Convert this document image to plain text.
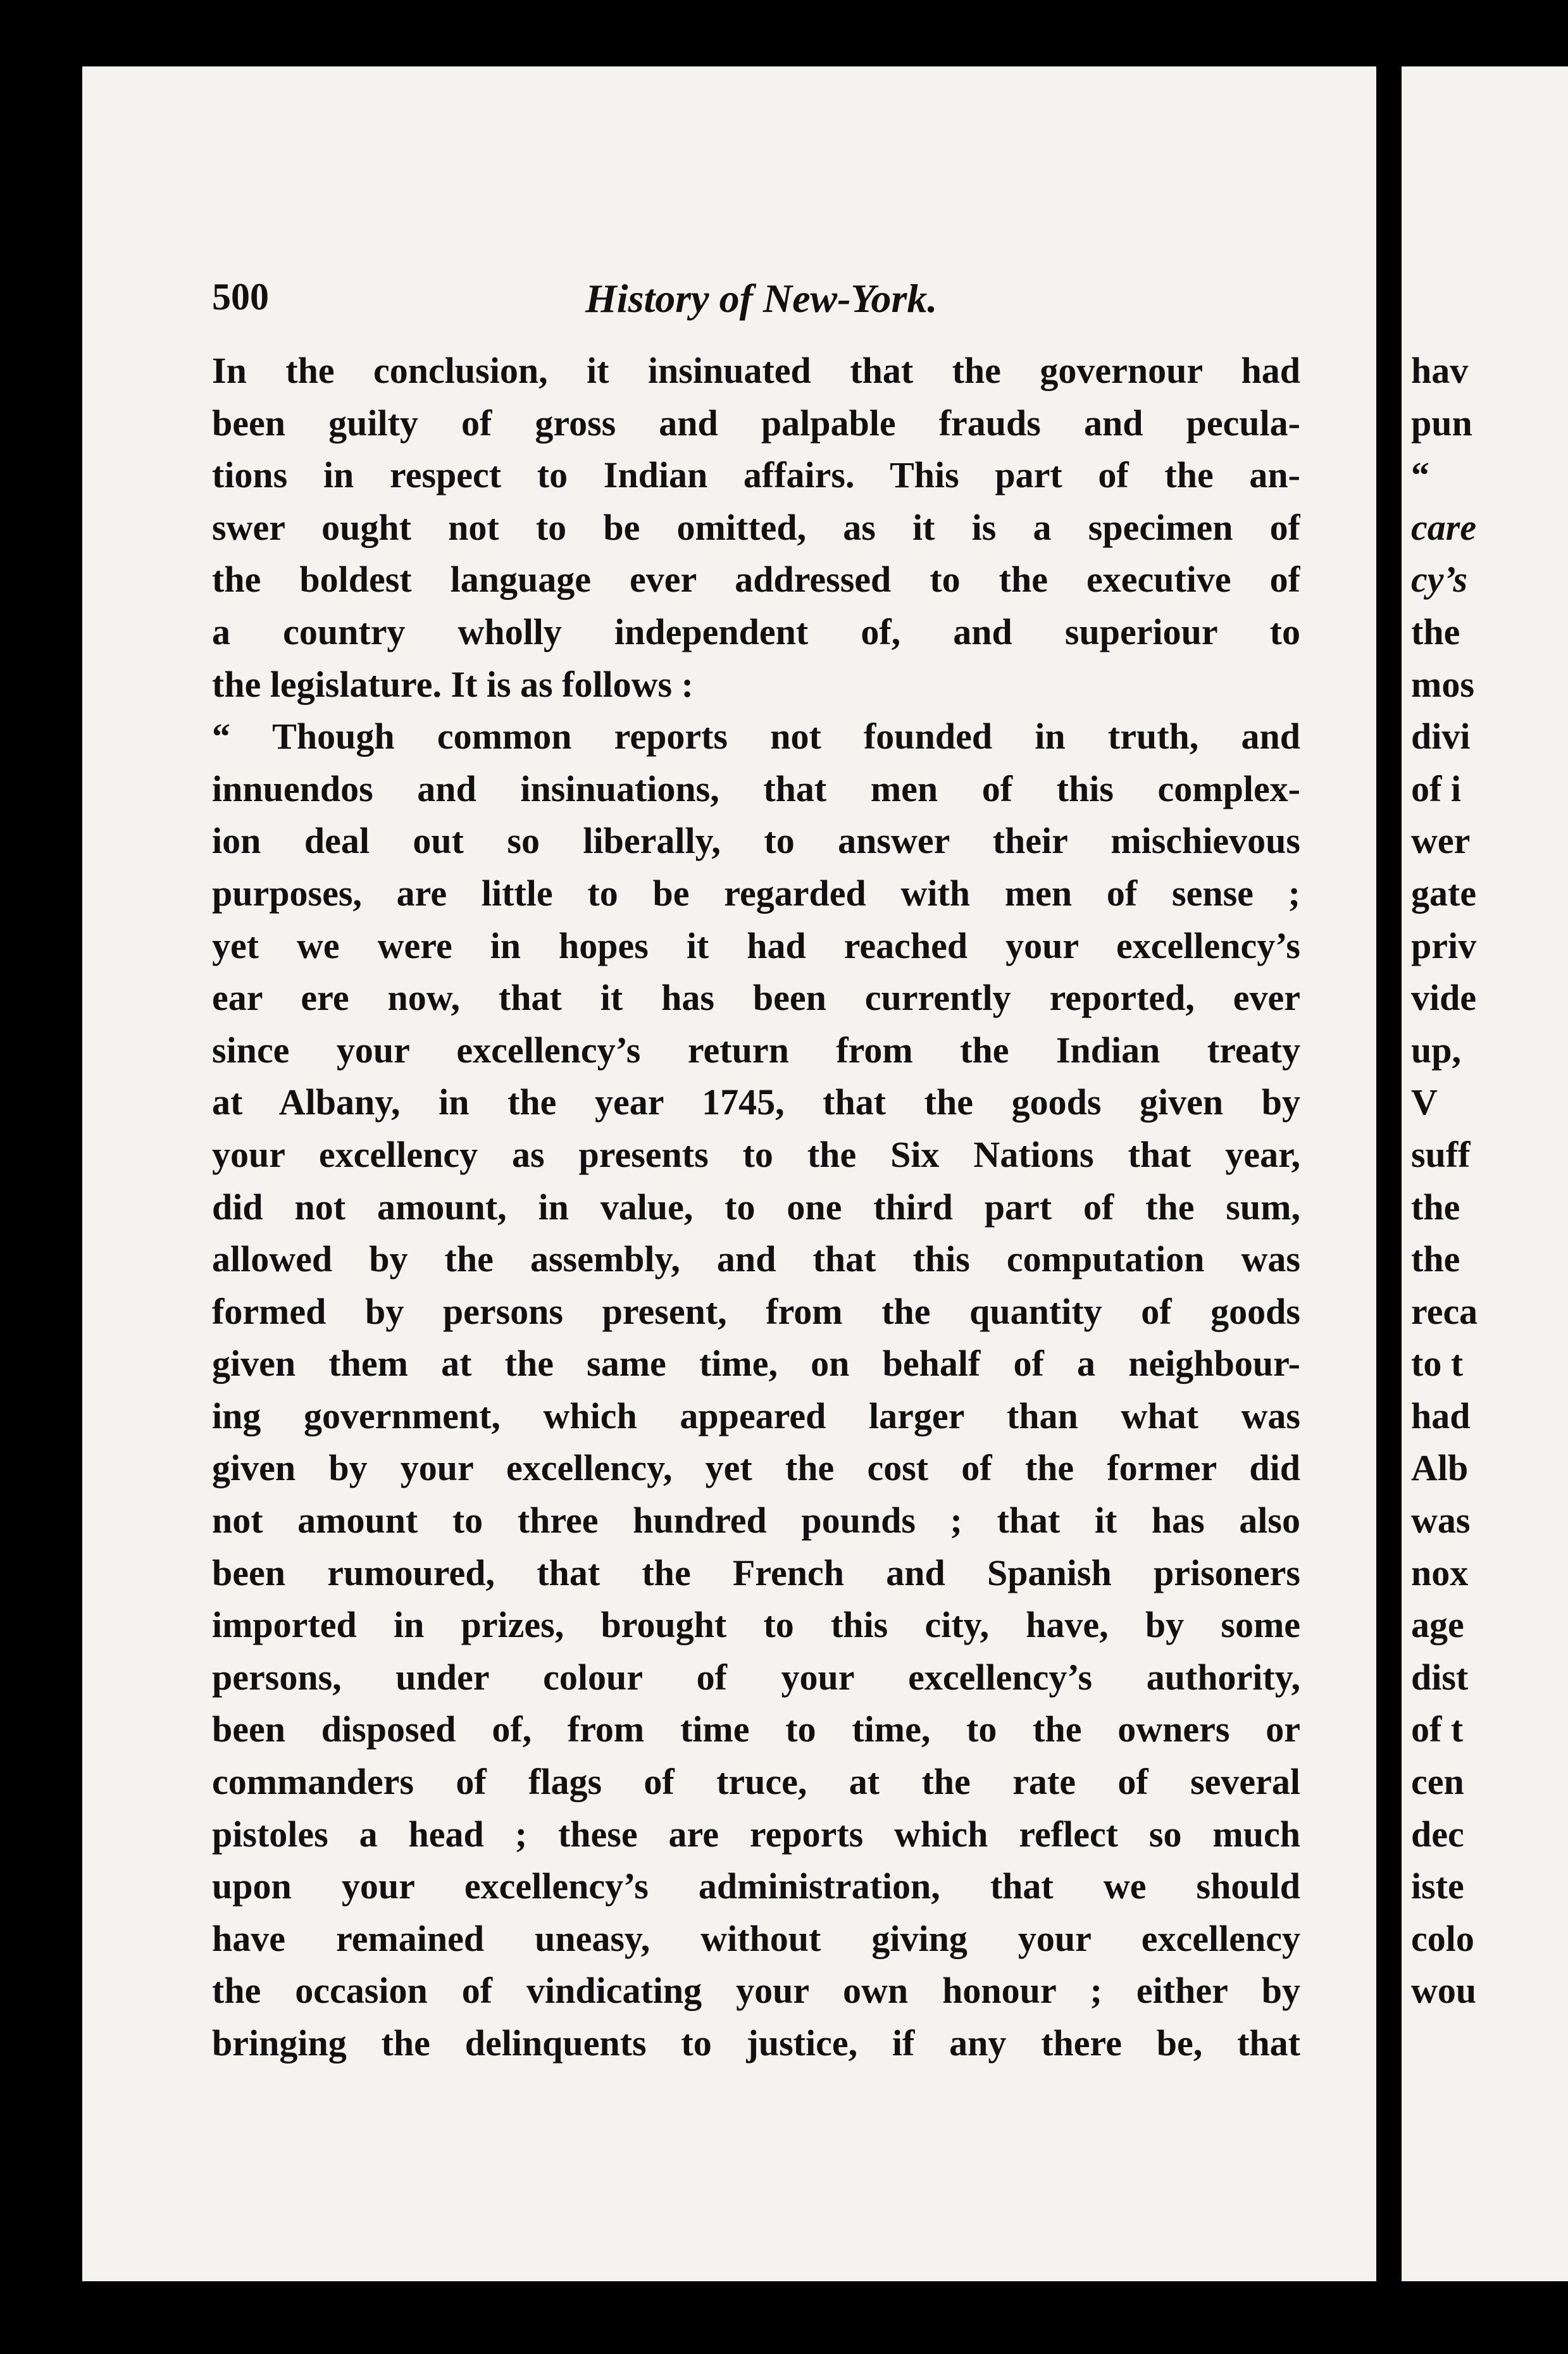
500	History of New-York.
In the conclusion, it insinuated that the governour had
been guilty of gross and palpable frauds and pecula-
tions in respect to Indian affairs. This part of the an-
swer ought not to be omitted, as it is a specimen of
the boldest language ever addressed to the executive of
a country wholly independent of, and superiour to
the legislature. It is as follows :
“ Though common reports not founded in truth, and
innuendos and insinuations, that men of this complex-
ion deal out so liberally, to answer their mischievous
purposes, are little to be regarded with men of sense ;
yet we were in hopes it had reached your excellency’s
ear ere now, that it has been currently reported, ever
since your excellency’s return from the Indian treaty
at Albany, in the year 1745, that the goods given by
your excellency as presents to the Six Nations that year,
did not amount, in value, to one third part of the sum,
allowed by the assembly, and that this computation was
formed by persons present, from the quantity of goods
given them at the same time, on behalf of a neighbour-
ing government, which appeared larger than what was
given by your excellency, yet the cost of the former did
not amount to three hundred pounds ; that it has also
been rumoured, that the French and Spanish prisoners
imported in prizes, brought to this city, have, by some
persons, under colour of your excellency’s authority,
been disposed of, from time to time, to the owners or
commanders of flags of truce, at the rate of several
pistoles a head ; these are reports which reflect so much
upon your excellency’s administration, that we should
have remained uneasy, without giving your excellency
the occasion of vindicating your own honour ; either by
bringing the delinquents to justice, if any there be, that
hav
pun
“
care
cy’s
the
mos
divi
of i
wer
gate
priv
vide
up,
V
suff
the
the
reca
to t
had
Alb
was
nox
age
dist
of t
cen
dec
iste
colo
wou
